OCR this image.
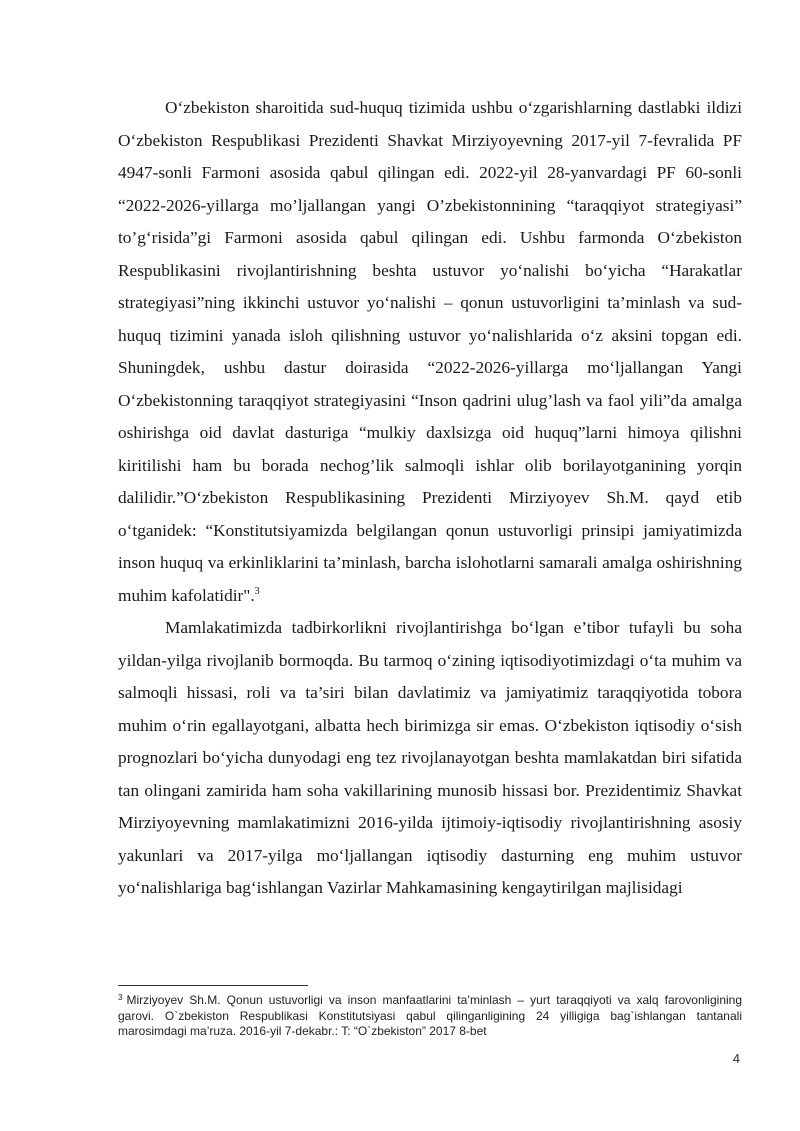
O‘zbekiston sharoitida sud-huquq tizimida ushbu o‘zgarishlarning dastlabki ildizi O‘zbekiston Respublikasi Prezidenti Shavkat Mirziyoyevning 2017-yil 7-fevralida PF 4947-sonli Farmoni asosida qabul qilingan edi. 2022-yil 28-yanvardagi PF 60-sonli “2022-2026-yillarga mo’ljallangan yangi O’zbekistonnining “taraqqiyot strategiyasi” to’g‘risida”gi Farmoni asosida qabul qilingan edi. Ushbu farmonda O‘zbekiston Respublikasini rivojlantirishning beshta ustuvor yo‘nalishi bo‘yicha “Harakatlar strategiyasi”ning ikkinchi ustuvor yo‘nalishi – qonun ustuvorligini ta’minlash va sud-huquq tizimini yanada isloh qilishning ustuvor yo‘nalishlarida o‘z aksini topgan edi. Shuningdek, ushbu dastur doirasida “2022-2026-yillarga mo‘ljallangan Yangi O‘zbekistonning taraqqiyot strategiyasini “Inson qadrini ulug’lash va faol yili”da amalga oshirishga oid davlat dasturiga “mulkiy daxlsizga oid huquq”larni himoya qilishni kiritilishi ham bu borada nechog’lik salmoqli ishlar olib borilayotganining yorqin dalilidir.”O‘zbekiston Respublikasining Prezidenti Mirziyoyev Sh.M. qayd etib o‘tganidek: “Konstitutsiyamizda belgilangan qonun ustuvorligi prinsipi jamiyatimizda inson huquq va erkinliklarini ta’minlash, barcha islohotlarni samarali amalga oshirishning muhim kafolatidir".$^3$

Mamlakatimizda tadbirkorlikni rivojlantirishga bo‘lgan e’tibor tufayli bu soha yildan-yilga rivojlanib bormoqda. Bu tarmoq o‘zining iqtisodiyotimizdagi o‘ta muhim va salmoqli hissasi, roli va ta’siri bilan davlatimiz va jamiyatimiz taraqqiyotida tobora muhim o‘rin egallayotgani, albatta hech birimizga sir emas. O‘zbekiston iqtisodiy o‘sish prognozlari bo‘yicha dunyodagi eng tez rivojlanayotgan beshta mamlakatdan biri sifatida tan olingani zamirida ham soha vakillarining munosib hissasi bor. Prezidentimiz Shavkat Mirziyoyevning mamlakatimizni 2016-yilda ijtimoiy-iqtisodiy rivojlantirishning asosiy yakunlari va 2017-yilga mo‘ljallangan iqtisodiy dasturning eng muhim ustuvor yo‘nalishlariga bag‘ishlangan Vazirlar Mahkamasining kengaytirilgan majlisidagi

$^3$ Mirziyoyev Sh.M. Qonun ustuvorligi va inson manfaatlarini ta’minlash – yurt taraqqiyoti va xalq farovonligining garovi. O`zbekiston Respublikasi Konstitutsiyasi qabul qilinganligining 24 yilligiga bag`ishlangan tantanali marosimdagi ma’ruza. 2016-yil 7-dekabr.: T: “O`zbekiston” 2017 8-bet
4
